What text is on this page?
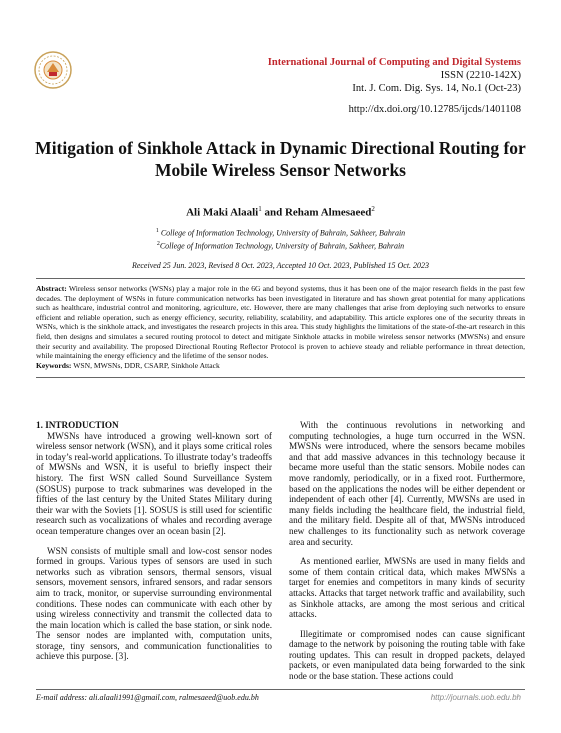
International Journal of Computing and Digital Systems
ISSN (2210-142X)
Int. J. Com. Dig. Sys. 14, No.1 (Oct-23)
http://dx.doi.org/10.12785/ijcds/1401108
Mitigation of Sinkhole Attack in Dynamic Directional Routing for Mobile Wireless Sensor Networks
Ali Maki Alaali$^1$ and Reham Almesaeed$^2$
$^1$ College of Information Technology, University of Bahrain, Sakheer, Bahrain
$^2$College of Information Technology, University of Bahrain, Sakheer, Bahrain
Received 25 Jun. 2023, Revised 8 Oct. 2023, Accepted 10 Oct. 2023, Published 15 Oct. 2023
Abstract: Wireless sensor networks (WSNs) play a major role in the 6G and beyond systems, thus it has been one of the major research fields in the past few decades. The deployment of WSNs in future communication networks has been investigated in literature and has shown great potential for many applications such as healthcare, industrial control and monitoring, agriculture, etc. However, there are many challenges that arise from deploying such networks to ensure efficient and reliable operation, such as energy efficiency, security, reliability, scalability, and adaptability. This article explores one of the security threats in WSNs, which is the sinkhole attack, and investigates the research projects in this area. This study highlights the limitations of the state-of-the-art research in this field, then designs and simulates a secured routing protocol to detect and mitigate Sinkhole attacks in mobile wireless sensor networks (MWSNs) and ensure their security and availability. The proposed Directional Routing Reflector Protocol is proven to achieve steady and reliable performance in threat detection, while maintaining the energy efficiency and the lifetime of the sensor nodes.
Keywords: WSN, MWSNs, DDR, CSARP, Sinkhole Attack
1. INTRODUCTION

MWSNs have introduced a growing well-known sort of wireless sensor network (WSN), and it plays some critical roles in today’s real-world applications. To illustrate today’s tradeoffs of MWSNs and WSN, it is useful to briefly inspect their history. The first WSN called Sound Surveillance System (SOSUS) purpose to track submarines was developed in the fifties of the last century by the United States Military during their war with the Soviets [1]. SOSUS is still used for scientific research such as vocalizations of whales and recording average ocean temperature changes over an ocean basin [2].

WSN consists of multiple small and low-cost sensor nodes formed in groups. Various types of sensors are used in such networks such as vibration sensors, thermal sensors, visual sensors, movement sensors, infrared sensors, and radar sensors aim to track, monitor, or supervise surrounding environmental conditions. These nodes can communicate with each other by using wireless connectivity and transmit the collected data to the main location which is called the base station, or sink node. The sensor nodes are implanted with, computation units, storage, tiny sensors, and communication functionalities to achieve this purpose. [3].

With the continuous revolutions in networking and computing technologies, a huge turn occurred in the WSN. MWSNs were introduced, where the sensors became mobiles and that add massive advances in this technology because it became more useful than the static sensors. Mobile nodes can move randomly, periodically, or in a fixed root. Furthermore, based on the applications the nodes will be either dependent or independent of each other [4]. Currently, MWSNs are used in many fields including the healthcare field, the industrial field, and the military field. Despite all of that, MWSNs introduced new challenges to its functionality such as network coverage area and security.

As mentioned earlier, MWSNs are used in many fields and some of them contain critical data, which makes MWSNs a target for enemies and competitors in many kinds of security attacks. Attacks that target network traffic and availability, such as Sinkhole attacks, are among the most serious and critical attacks.

Illegitimate or compromised nodes can cause significant damage to the network by poisoning the routing table with fake routing updates. This can result in dropped packets, delayed packets, or even manipulated data being forwarded to the sink node or the base station. These actions could

E-mail address: ali.alaali1991@gmail.com, ralmesaeed@uob.edu.bh	http://journals.uob.edu.bh
